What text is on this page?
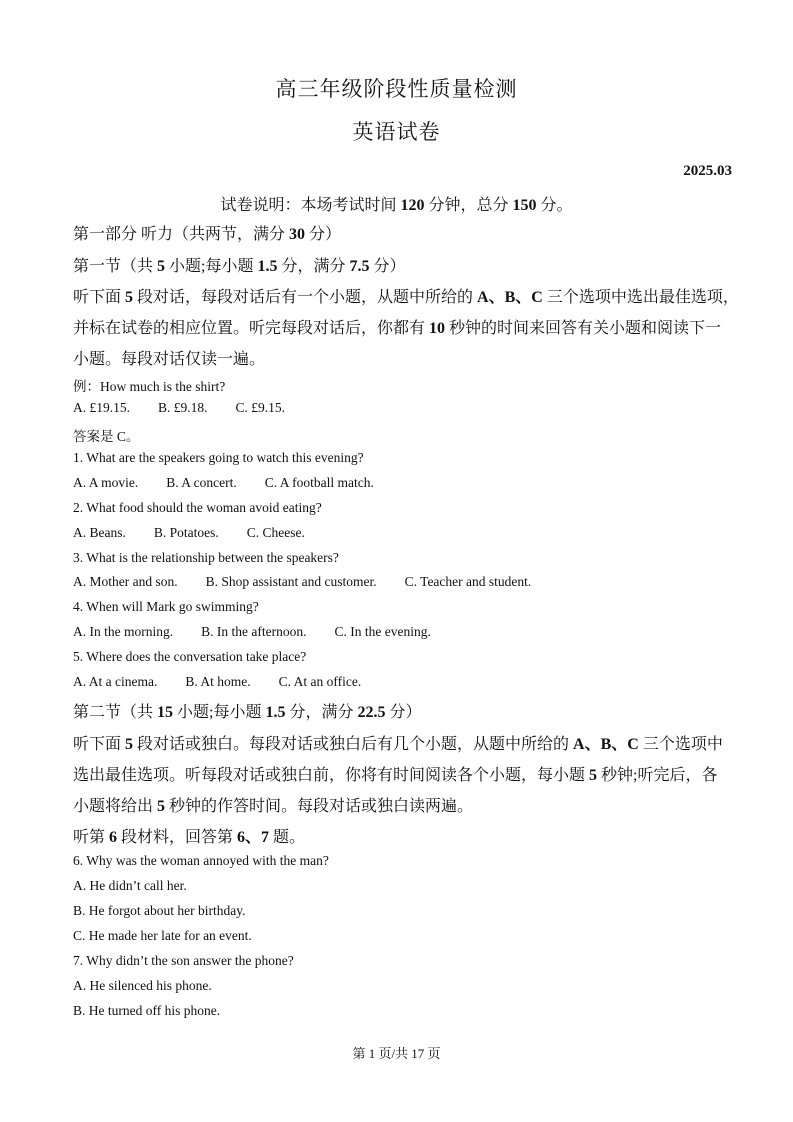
高三年级阶段性质量检测
英语试卷
2025.03
试卷说明：本场考试时间 120 分钟，总分 150 分。
第一部分 听力（共两节，满分 30 分）
第一节（共 5 小题;每小题 1.5 分，满分 7.5 分）
听下面 5 段对话，每段对话后有一个小题，从题中所给的 A、B、C 三个选项中选出最佳选项，
并标在试卷的相应位置。听完每段对话后，你都有 10 秒钟的时间来回答有关小题和阅读下一
小题。每段对话仅读一遍。
例：How much is the shirt?
A. £19.15. B. £9.18. C. £9.15.
答案是 C。
1. What are the speakers going to watch this evening?
A. A movie. B. A concert. C. A football match.
2. What food should the woman avoid eating?
A. Beans. B. Potatoes. C. Cheese.
3. What is the relationship between the speakers?
A. Mother and son. B. Shop assistant and customer. C. Teacher and student.
4. When will Mark go swimming?
A. In the morning. B. In the afternoon. C. In the evening.
5. Where does the conversation take place?
A. At a cinema. B. At home. C. At an office.
第二节（共 15 小题;每小题 1.5 分，满分 22.5 分）
听下面 5 段对话或独白。每段对话或独白后有几个小题，从题中所给的 A、B、C 三个选项中
选出最佳选项。听每段对话或独白前，你将有时间阅读各个小题，每小题 5 秒钟;听完后，各
小题将给出 5 秒钟的作答时间。每段对话或独白读两遍。
听第 6 段材料，回答第 6、7 题。
6. Why was the woman annoyed with the man?
A. He didn’t call her.
B. He forgot about her birthday.
C. He made her late for an event.
7. Why didn’t the son answer the phone?
A. He silenced his phone.
B. He turned off his phone.
第 1 页/共 17 页
